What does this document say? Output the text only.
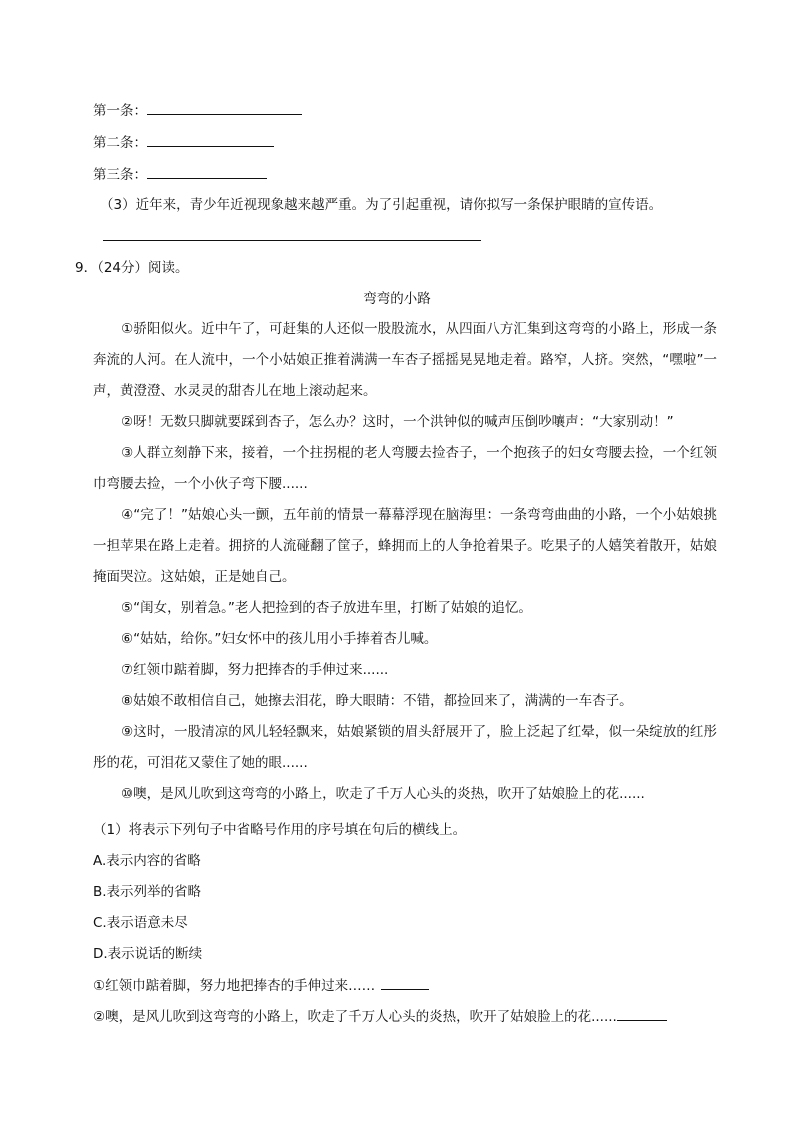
第一条：
第二条：
第三条：
（3）近年来，青少年近视现象越来越严重。为了引起重视，请你拟写一条保护眼睛的宣传语。
9．（24分）阅读。
弯弯的小路
①骄阳似火。近中午了，可赶集的人还似一股股流水，从四面八方汇集到这弯弯的小路上，形成一条奔流的人河。在人流中，一个小姑娘正推着满满一车杏子摇摇晃晃地走着。路窄，人挤。突然，“嘿啦”一声，黄澄澄、水灵灵的甜杏儿在地上滚动起来。
②呀！无数只脚就要踩到杏子，怎么办？这时，一个洪钟似的喊声压倒吵嚷声：“大家别动！”
③人群立刻静下来，接着，一个拄拐棍的老人弯腰去捡杏子，一个抱孩子的妇女弯腰去捡，一个红领巾弯腰去捡，一个小伙子弯下腰......
④“完了！”姑娘心头一颤，五年前的情景一幕幕浮现在脑海里：一条弯弯曲曲的小路，一个小姑娘挑一担苹果在路上走着。拥挤的人流碰翻了筐子，蜂拥而上的人争抢着果子。吃果子的人嬉笑着散开，姑娘掩面哭泣。这姑娘，正是她自己。
⑤“闺女，别着急。”老人把捡到的杏子放进车里，打断了姑娘的追忆。
⑥“姑姑，给你。”妇女怀中的孩儿用小手捧着杏儿喊。
⑦红领巾踮着脚，努力把捧杏的手伸过来......
⑧姑娘不敢相信自己，她擦去泪花，睁大眼睛：不错，都捡回来了，满满的一车杏子。
⑨这时，一股清凉的风儿轻轻飘来，姑娘紧锁的眉头舒展开了，脸上泛起了红晕，似一朵绽放的红彤彤的花，可泪花又蒙住了她的眼......
⑩噢，是风儿吹到这弯弯的小路上，吹走了千万人心头的炎热，吹开了姑娘脸上的花......
（1）将表示下列句子中省略号作用的序号填在句后的横线上。
A.表示内容的省略
B.表示列举的省略
C.表示语意未尽
D.表示说话的断续
①红领巾踮着脚，努力地把捧杏的手伸过来……
②噢，是风儿吹到这弯弯的小路上，吹走了千万人心头的炎热，吹开了姑娘脸上的花......
